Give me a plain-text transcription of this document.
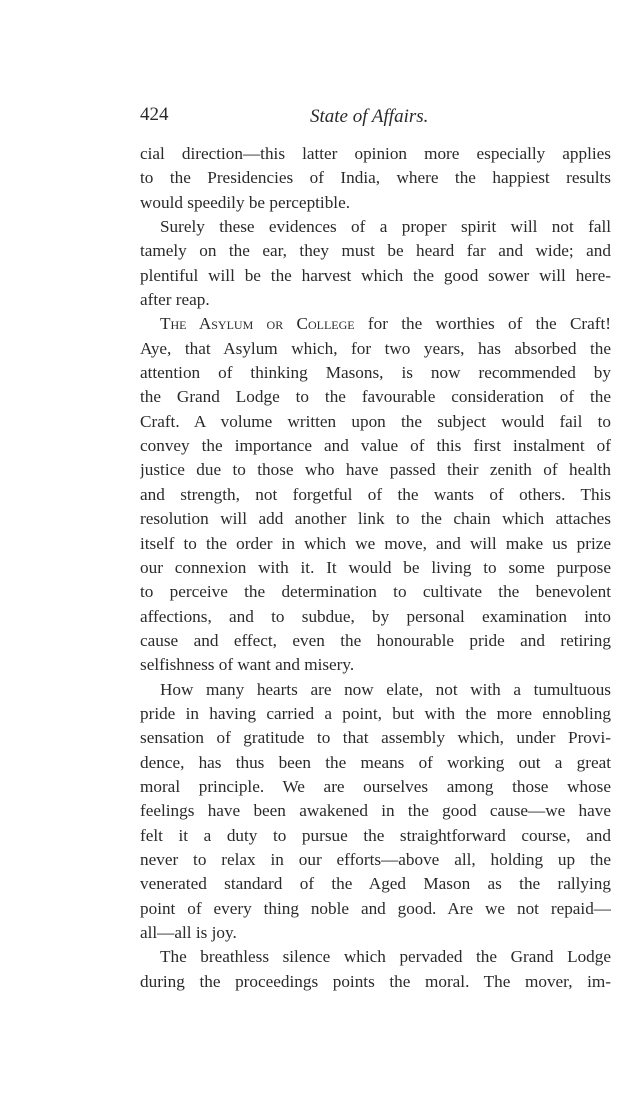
424	State of Affairs.
cial direction—this latter opinion more especially applies
to the Presidencies of India, where the happiest results
would speedily be perceptible.
Surely these evidences of a proper spirit will not fall
tamely on the ear, they must be heard far and wide; and
plentiful will be the harvest which the good sower will here-
after reap.
The Asylum or College for the worthies of the Craft!
Aye, that Asylum which, for two years, has absorbed the
attention of thinking Masons, is now recommended by
the Grand Lodge to the favourable consideration of the
Craft. A volume written upon the subject would fail to
convey the importance and value of this first instalment of
justice due to those who have passed their zenith of health
and strength, not forgetful of the wants of others. This
resolution will add another link to the chain which attaches
itself to the order in which we move, and will make us prize
our connexion with it. It would be living to some purpose
to perceive the determination to cultivate the benevolent
affections, and to subdue, by personal examination into
cause and effect, even the honourable pride and retiring
selfishness of want and misery.
How many hearts are now elate, not with a tumultuous
pride in having carried a point, but with the more ennobling
sensation of gratitude to that assembly which, under Provi-
dence, has thus been the means of working out a great
moral principle. We are ourselves among those whose
feelings have been awakened in the good cause—we have
felt it a duty to pursue the straightforward course, and
never to relax in our efforts—above all, holding up the
venerated standard of the Aged Mason as the rallying
point of every thing noble and good. Are we not repaid—
all—all is joy.
The breathless silence which pervaded the Grand Lodge
during the proceedings points the moral. The mover, im-
